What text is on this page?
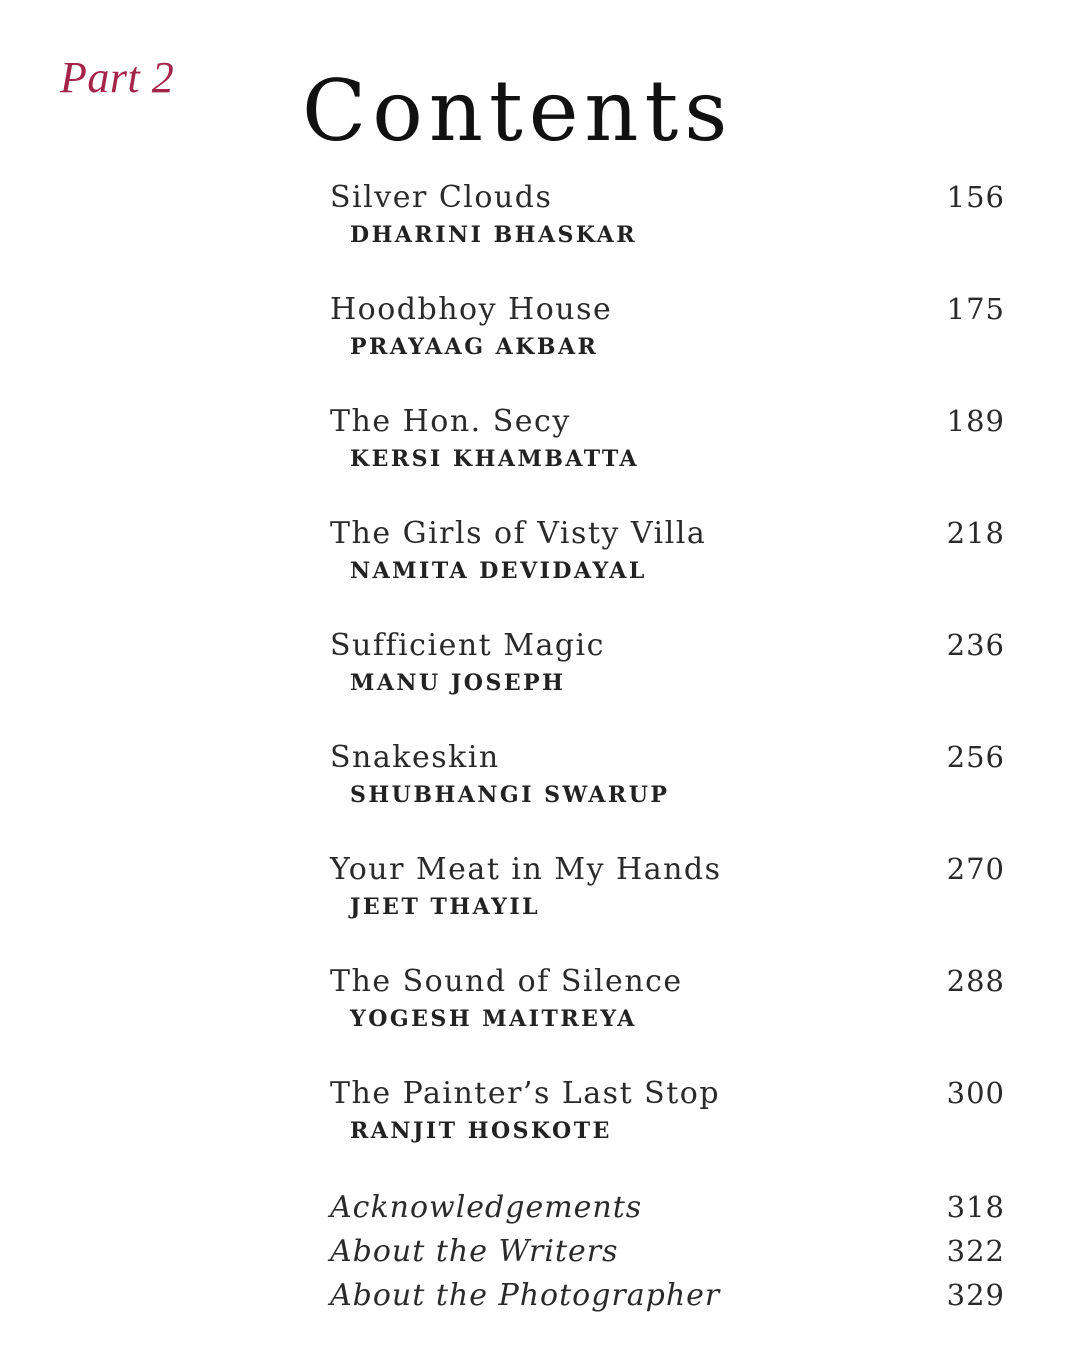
Part 2 Contents
Silver Clouds	156
DHARINI BHASKAR
Hoodbhoy House	175
PRAYAAG AKBAR
The Hon. Secy	189
KERSI KHAMBATTA
The Girls of Visty Villa	218
NAMITA DEVIDAYAL
Sufficient Magic	236
MANU JOSEPH
Snakeskin	256
SHUBHANGI SWARUP
Your Meat in My Hands	270
JEET THAYIL
The Sound of Silence	288
YOGESH MAITREYA
The Painter’s Last Stop	300
RANJIT HOSKOTE
Acknowledgements	318
About the Writers	322
About the Photographer	329
